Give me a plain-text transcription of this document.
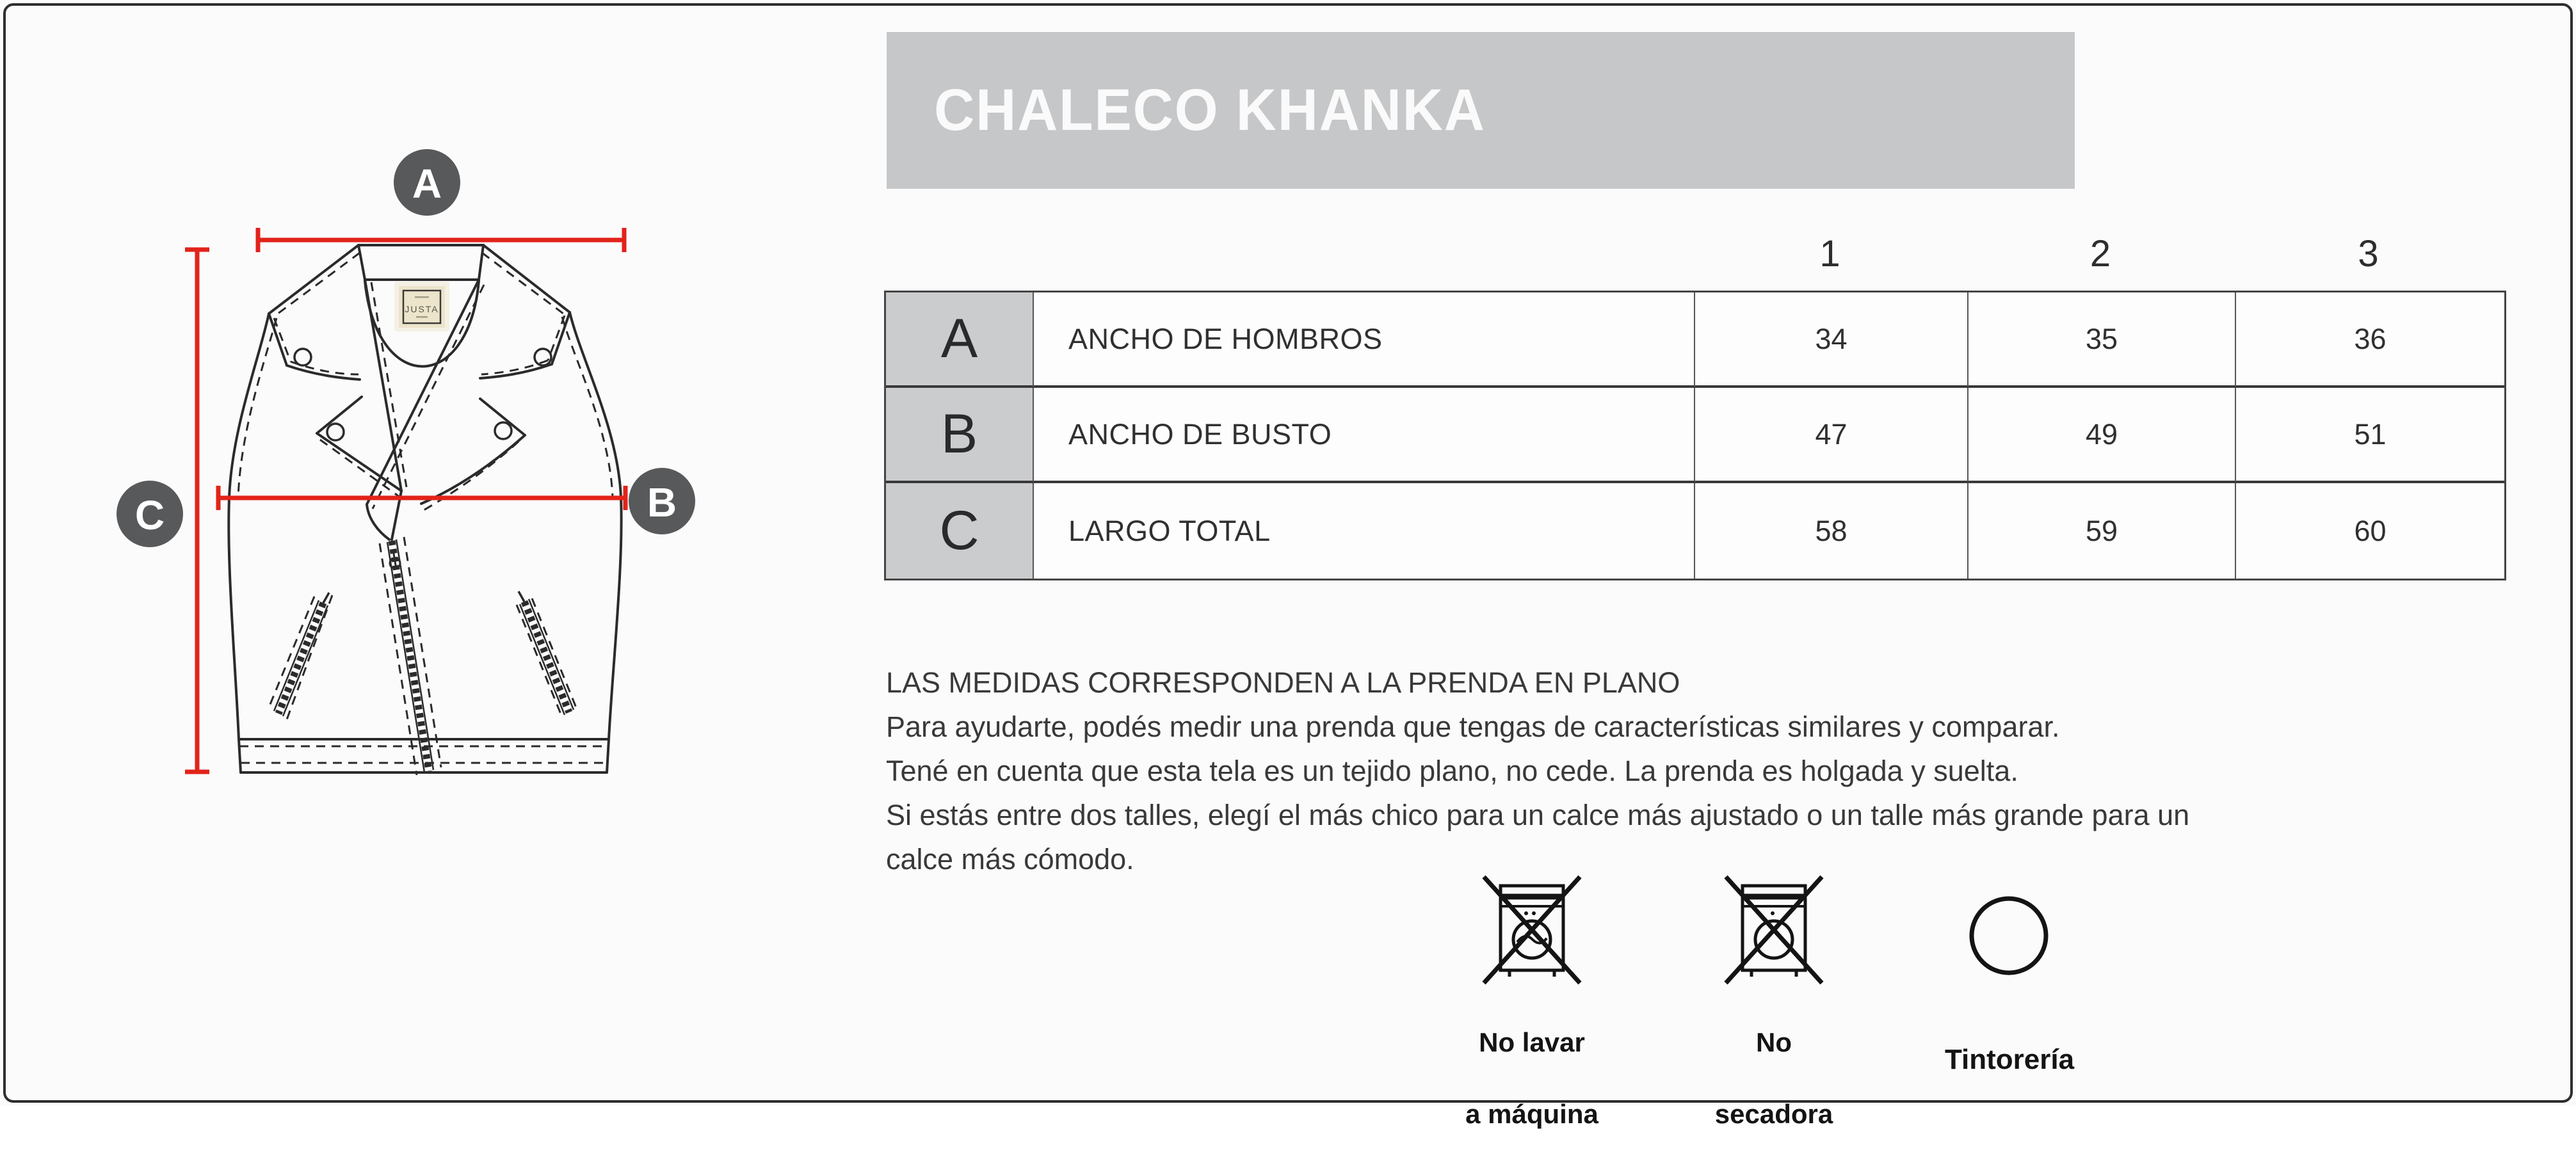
JUSTA
A
B
C
CHALECO KHANKA
1	2	3
A	ANCHO DE HOMBROS	34	35	36
B	ANCHO DE BUSTO	47	49	51
C	LARGO TOTAL	58	59	60
LAS MEDIDAS CORRESPONDEN A LA PRENDA EN PLANO
Para ayudarte, podés medir una prenda que tengas de características similares y comparar.
Tené en cuenta que esta tela es un tejido plano, no cede. La prenda es holgada y suelta.
Si estás entre dos talles, elegí el más chico para un calce más ajustado o un talle más grande para un
calce más cómodo.

No lavar

a máquina

No

secadora

Tintorería
